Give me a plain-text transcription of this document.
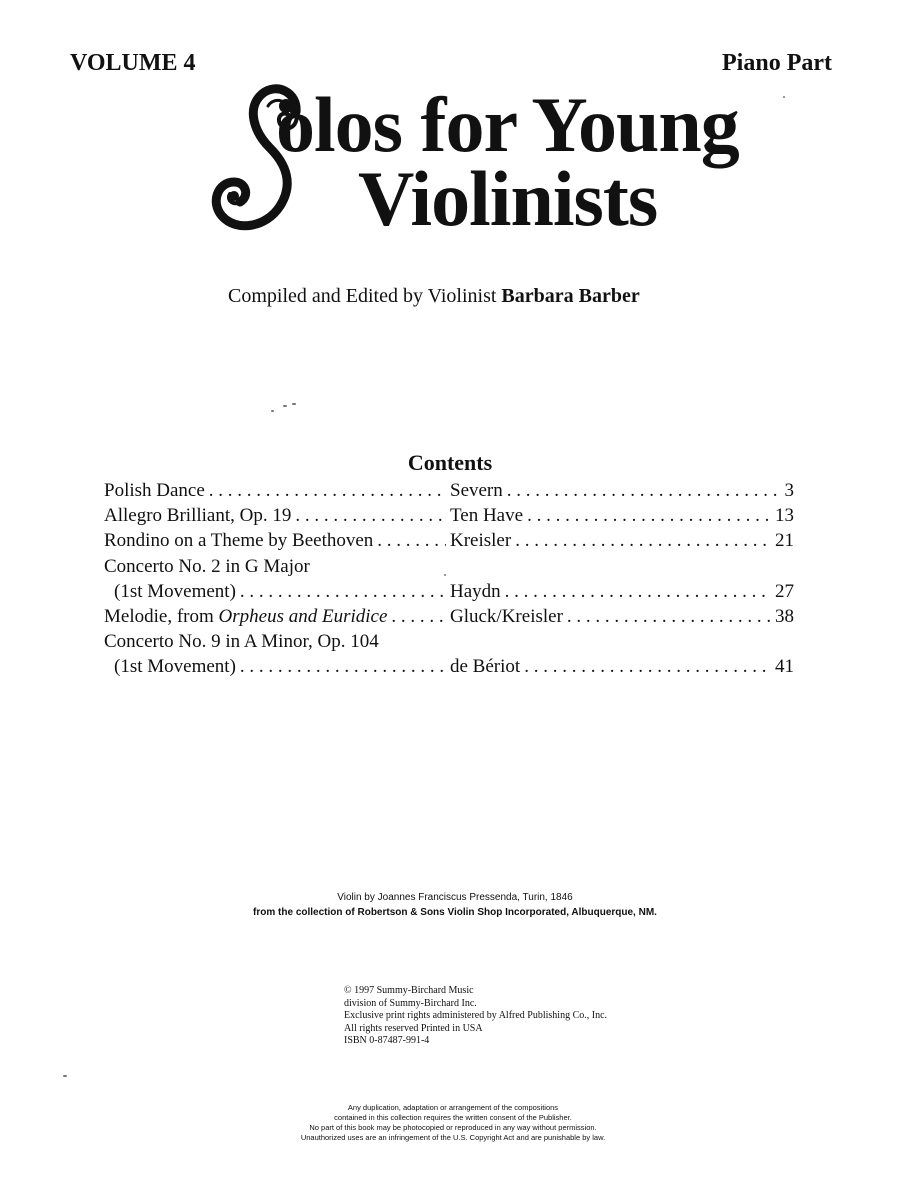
VOLUME 4	Piano Part
olos for Young
Violinists
Compiled and Edited by Violinist Barbara Barber
Contents
Polish Dance . . .	Severn . . .	3
Allegro Brilliant, Op. 19 . . .	Ten Have . . .	13
Rondino on a Theme by Beethoven . . .	Kreisler . . .	21
Concerto No. 2 in G Major
(1st Movement) . . .	Haydn . . .	27
Melodie, from Orpheus and Euridice . . .	Gluck/Kreisler . . .	38
Concerto No. 9 in A Minor, Op. 104
(1st Movement) . . .	de Bériot . . .	41
Violin by Joannes Franciscus Pressenda, Turin, 1846
from the collection of Robertson & Sons Violin Shop Incorporated, Albuquerque, NM.
© 1997 Summy-Birchard Music
division of Summy-Birchard Inc.
Exclusive print rights administered by Alfred Publishing Co., Inc.
All rights reserved Printed in USA
ISBN 0-87487-991-4
Any duplication, adaptation or arrangement of the compositions
contained in this collection requires the written consent of the Publisher.
No part of this book may be photocopied or reproduced in any way without permission.
Unauthorized uses are an infringement of the U.S. Copyright Act and are punishable by law.
